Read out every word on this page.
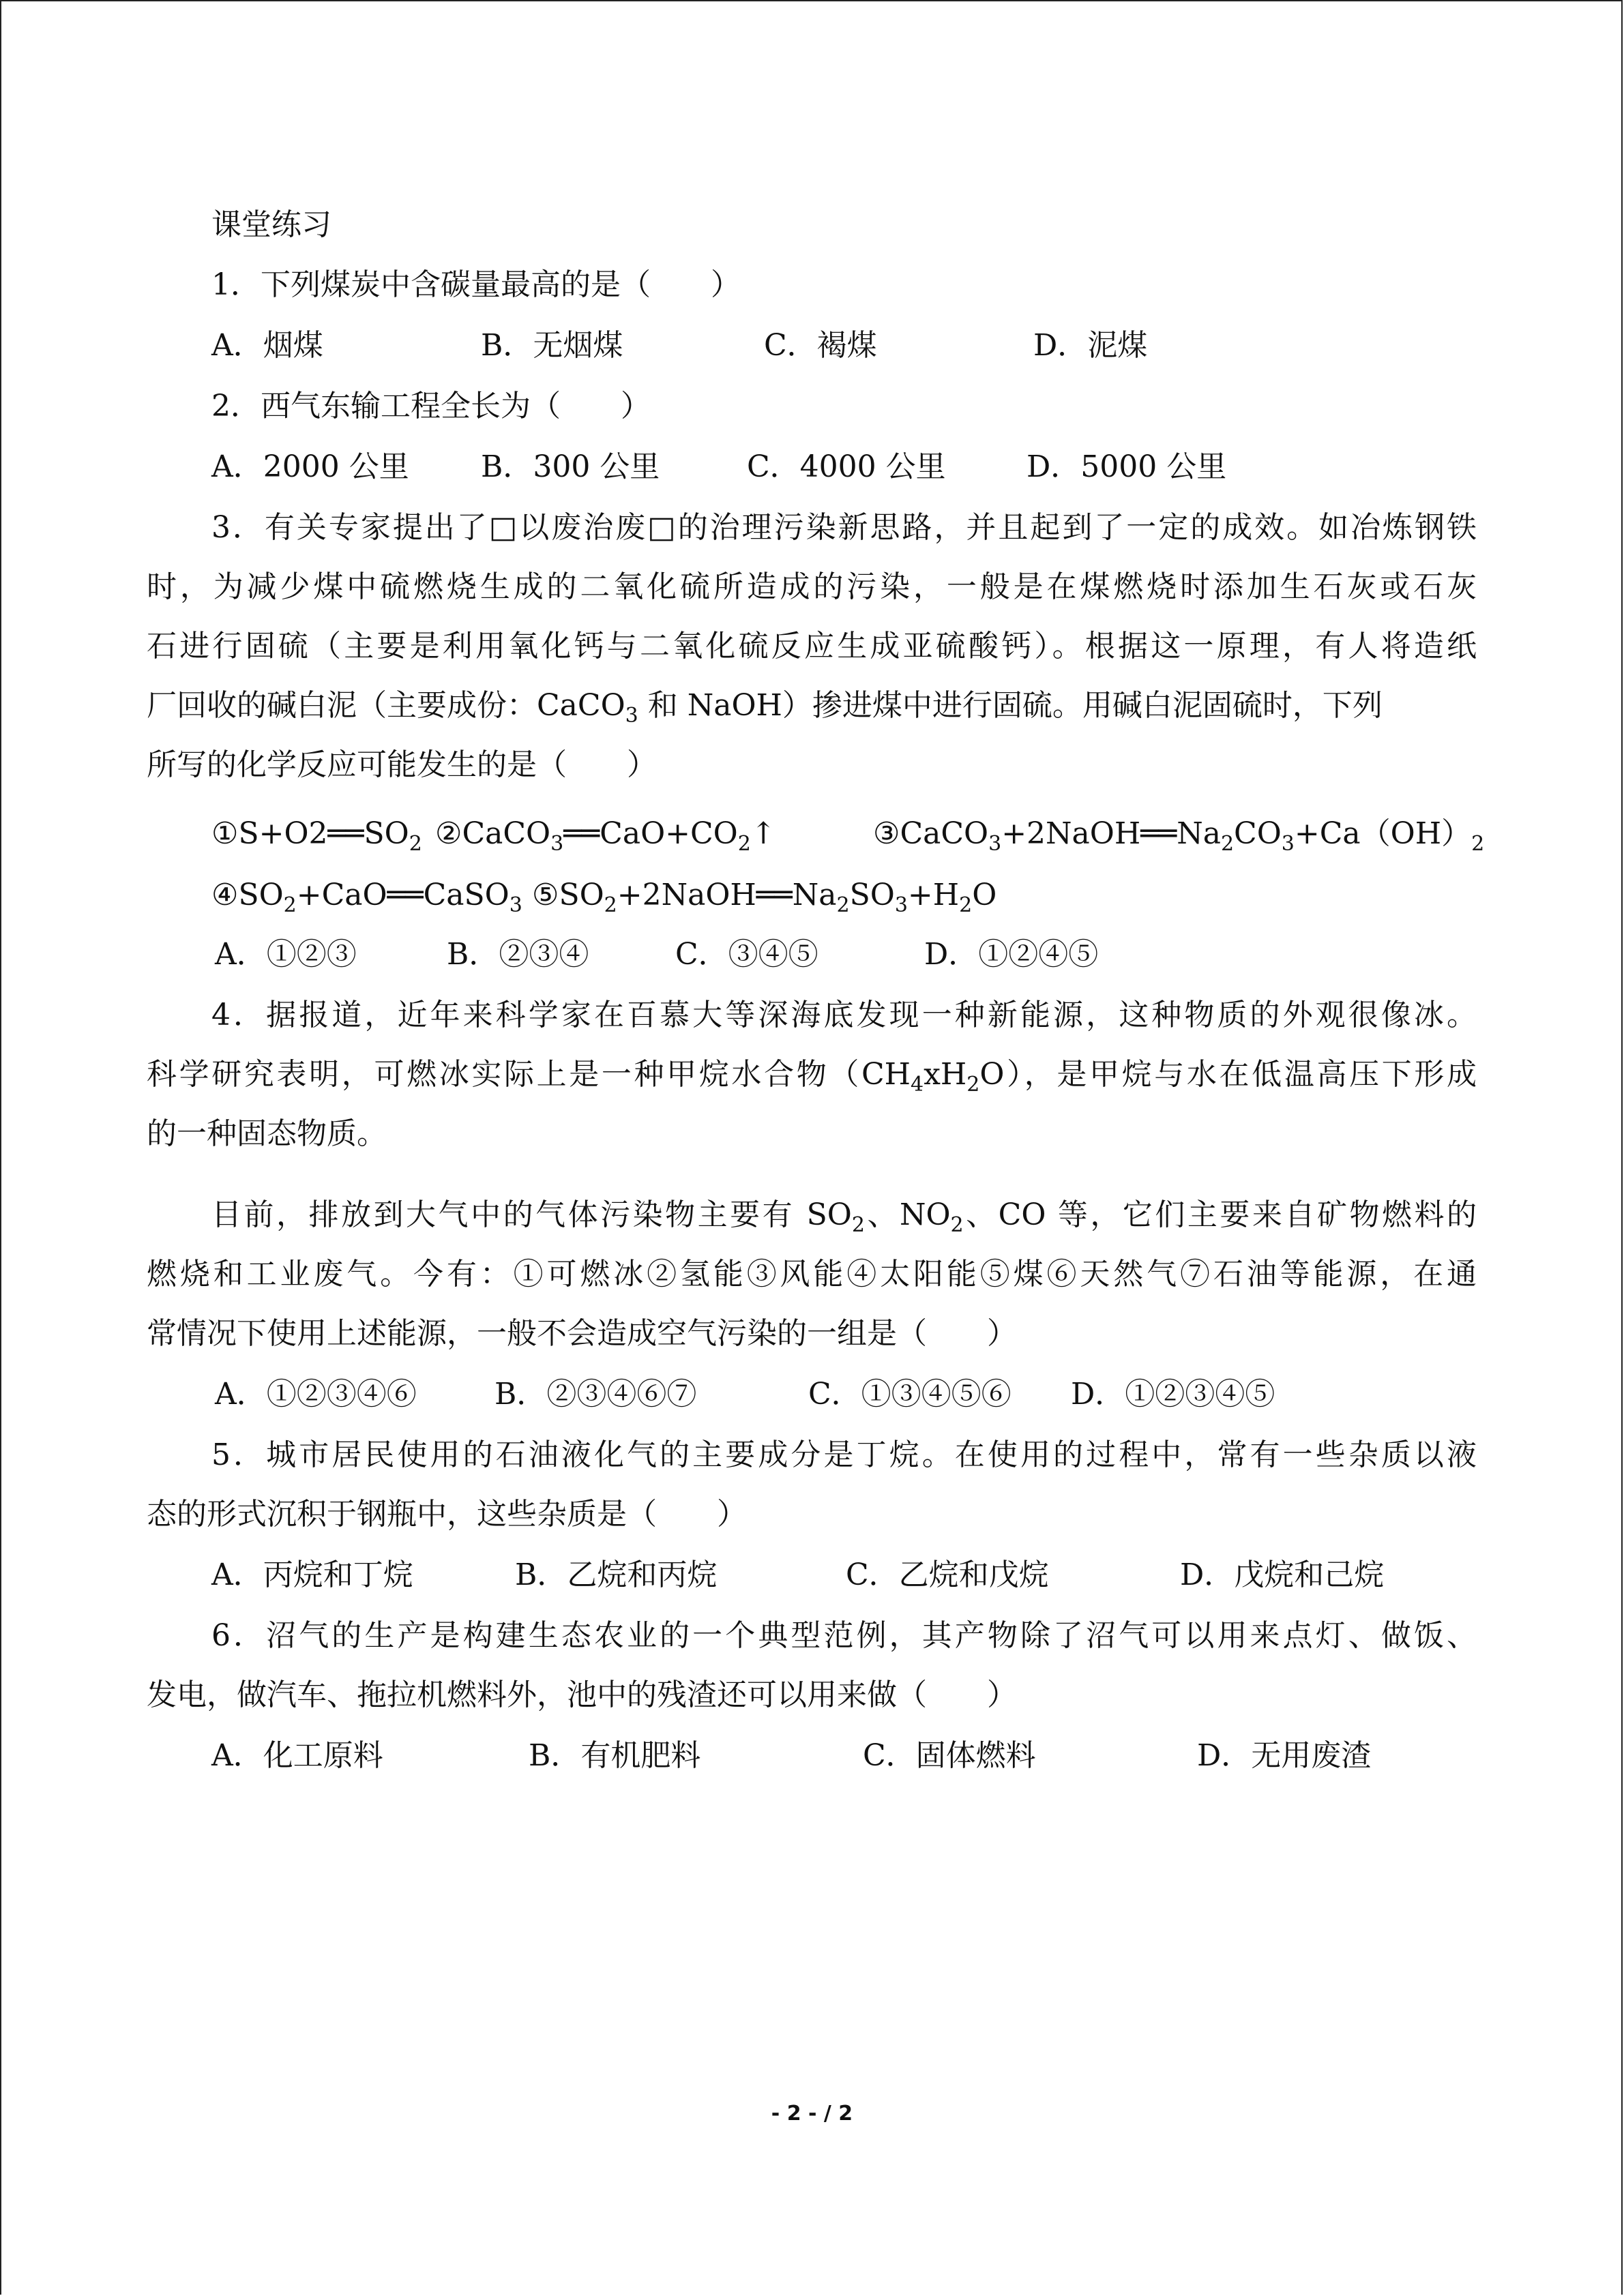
课堂练习
1．下列煤炭中含碳量最高的是（　　）
A．烟煤	B．无烟煤	C．褐煤	D．泥煤
2．西气东输工程全长为（　　）
A．2000 公里 B．300 公里	C．4000 公里	D．5000 公里
3．有关专家提出了□以废治废□的治理污染新思路，并且起到了一定的成效。如冶炼钢铁
时，为减少煤中硫燃烧生成的二氧化硫所造成的污染，一般是在煤燃烧时添加生石灰或石灰
石进行固硫（主要是利用氧化钙与二氧化硫反应生成亚硫酸钙）。根据这一原理，有人将造纸
厂回收的碱白泥（主要成份：CaCO$_3$ 和 NaOH）掺进煤中进行固硫。用碱白泥固硫时，下列
所写的化学反应可能发生的是（　　）
$①S+O2══SO_2$ $②CaCO_3══CaO+CO_2↑$	$③CaCO_3+2NaOH══Na_2CO_3+Ca(OH)_2$
$④SO_2+CaO══CaSO_3$ $⑤SO_2+2NaOH══Na_2SO_3+H_2O$
A．①②③	B．②③④	C．③④⑤	D．①②④⑤
4．据报道，近年来科学家在百慕大等深海底发现一种新能源，这种物质的外观很像冰。
科学研究表明，可燃冰实际上是一种甲烷水合物$(CH_4xH_2O)$，是甲烷与水在低温高压下形成
的一种固态物质。
目前，排放到大气中的气体污染物主要有 $SO_2$、$NO_2$、CO 等，它们主要来自矿物燃料的
燃烧和工业废气。今有：①可燃冰②氢能③风能④太阳能⑤煤⑥天然气⑦石油等能源，在通
常情况下使用上述能源，一般不会造成空气污染的一组是（　　）
A．①②③④⑥	B．②③④⑥⑦	C．①③④⑤⑥ D．①②③④⑤
5．城市居民使用的石油液化气的主要成分是丁烷。在使用的过程中，常有一些杂质以液
态的形式沉积于钢瓶中，这些杂质是（　　）
A．丙烷和丁烷	B．乙烷和丙烷	C．乙烷和戊烷	D．戊烷和己烷
6．沼气的生产是构建生态农业的一个典型范例，其产物除了沼气可以用来点灯、做饭、
发电，做汽车、拖拉机燃料外，池中的残渣还可以用来做（　　）
A．化工原料	B．有机肥料	C．固体燃料	D．无用废渣
- 2 - / 2
